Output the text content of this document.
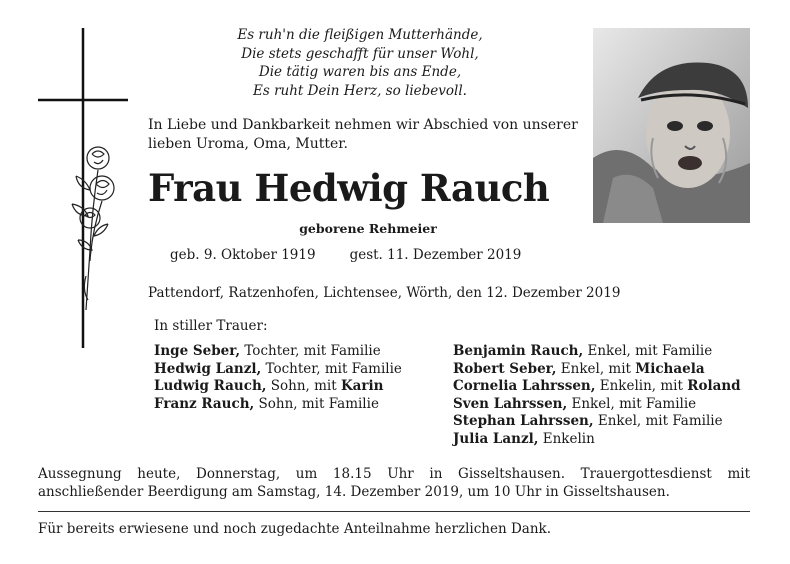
Es ruh'n die fleißigen Mutterhände,
Die stets geschafft für unser Wohl,
Die tätig waren bis ans Ende,
Es ruht Dein Herz, so liebevoll.
In Liebe und Dankbarkeit nehmen wir Abschied von unserer lieben Uroma, Oma, Mutter.
Frau Hedwig Rauch
geborene Rehmeier
geb. 9. Oktober 1919	gest. 11. Dezember 2019
Pattendorf, Ratzenhofen, Lichtensee, Wörth, den 12. Dezember 2019
In stiller Trauer:
Inge Seber, Tochter, mit Familie
Hedwig Lanzl, Tochter, mit Familie
Ludwig Rauch, Sohn, mit Karin
Franz Rauch, Sohn, mit Familie
Benjamin Rauch, Enkel, mit Familie
Robert Seber, Enkel, mit Michaela
Cornelia Lahrssen, Enkelin, mit Roland
Sven Lahrssen, Enkel, mit Familie
Stephan Lahrssen, Enkel, mit Familie
Julia Lanzl, Enkelin
Aussegnung heute, Donnerstag, um 18.15 Uhr in Gisseltshausen. Trauergottesdienst mit anschließender Beerdigung am Samstag, 14. Dezember 2019, um 10 Uhr in Gisseltshausen.
Für bereits erwiesene und noch zugedachte Anteilnahme herzlichen Dank.
